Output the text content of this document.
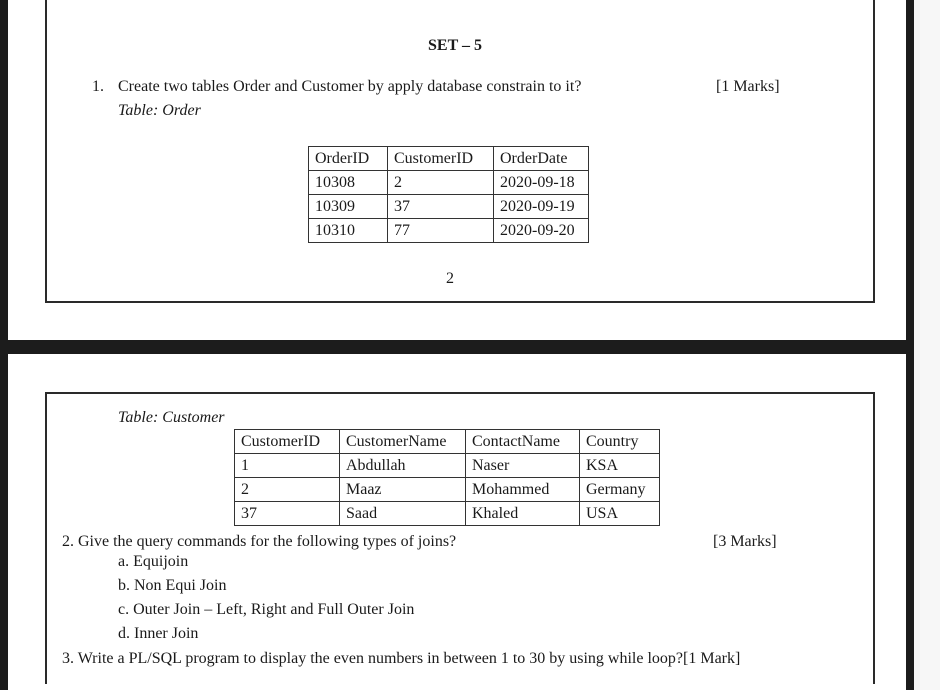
SET – 5
1. Create two tables Order and Customer by apply database constrain to it?	[1 Marks]
Table: Order
OrderID	CustomerID	OrderDate
10308	2	2020-09-18
10309	37	2020-09-19
10310	77	2020-09-20
2
Table: Customer
CustomerID	CustomerName	ContactName	Country
1	Abdullah	Naser	KSA
2	Maaz	Mohammed	Germany
37	Saad	Khaled	USA
2. Give the query commands for the following types of joins?	[3 Marks]
a. Equijoin
b. Non Equi Join
c. Outer Join – Left, Right and Full Outer Join
d. Inner Join
3. Write a PL/SQL program to display the even numbers in between 1 to 30 by using while loop?[1 Mark]
